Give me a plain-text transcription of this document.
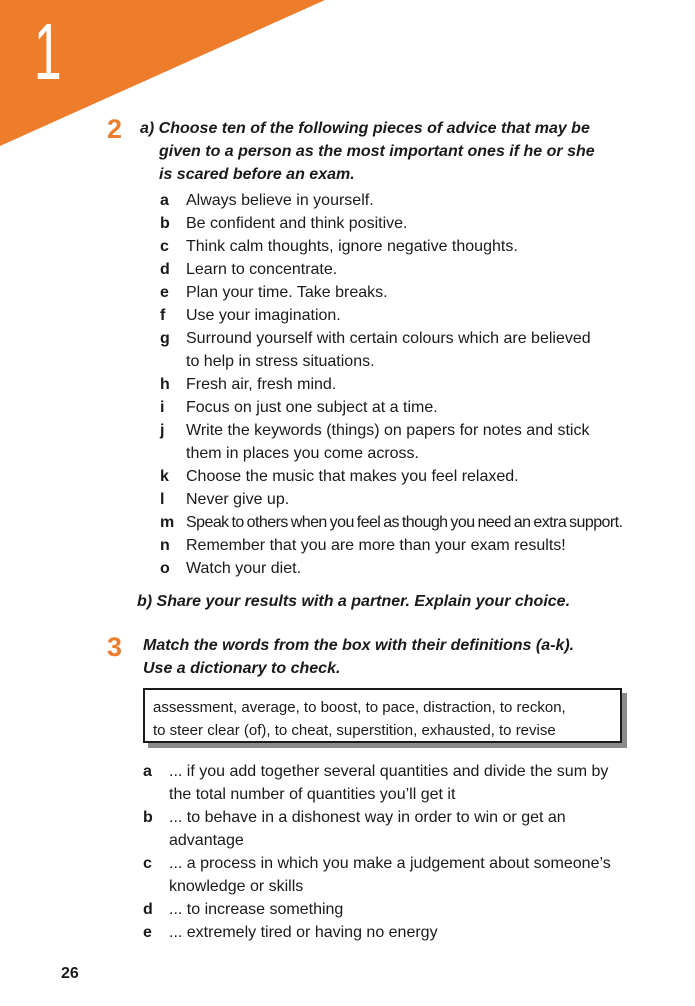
1
2 a) Choose ten of the following pieces of advice that may be
given to a person as the most important ones if he or she
is scared before an exam.
a Always believe in yourself.
b Be confident and think positive.
c Think calm thoughts, ignore negative thoughts.
d Learn to concentrate.
e Plan your time. Take breaks.
f Use your imagination.
g Surround yourself with certain colours which are believed
to help in stress situations.
h Fresh air, fresh mind.
i Focus on just one subject at a time.
j Write the keywords (things) on papers for notes and stick
them in places you come across.
k Choose the music that makes you feel relaxed.
l Never give up.
m Speak to others when you feel as though you need an extra support.
n Remember that you are more than your exam results!
o Watch your diet.
b) Share your results with a partner. Explain your choice.
3 Match the words from the box with their definitions (a-k).
Use a dictionary to check.
assessment, average, to boost, to pace, distraction, to reckon,
to steer clear (of), to cheat, superstition, exhausted, to revise
a ... if you add together several quantities and divide the sum by
the total number of quantities you’ll get it
b ... to behave in a dishonest way in order to win or get an
advantage
c ... a process in which you make a judgement about someone’s
knowledge or skills
d ... to increase something
e ... extremely tired or having no energy
26
